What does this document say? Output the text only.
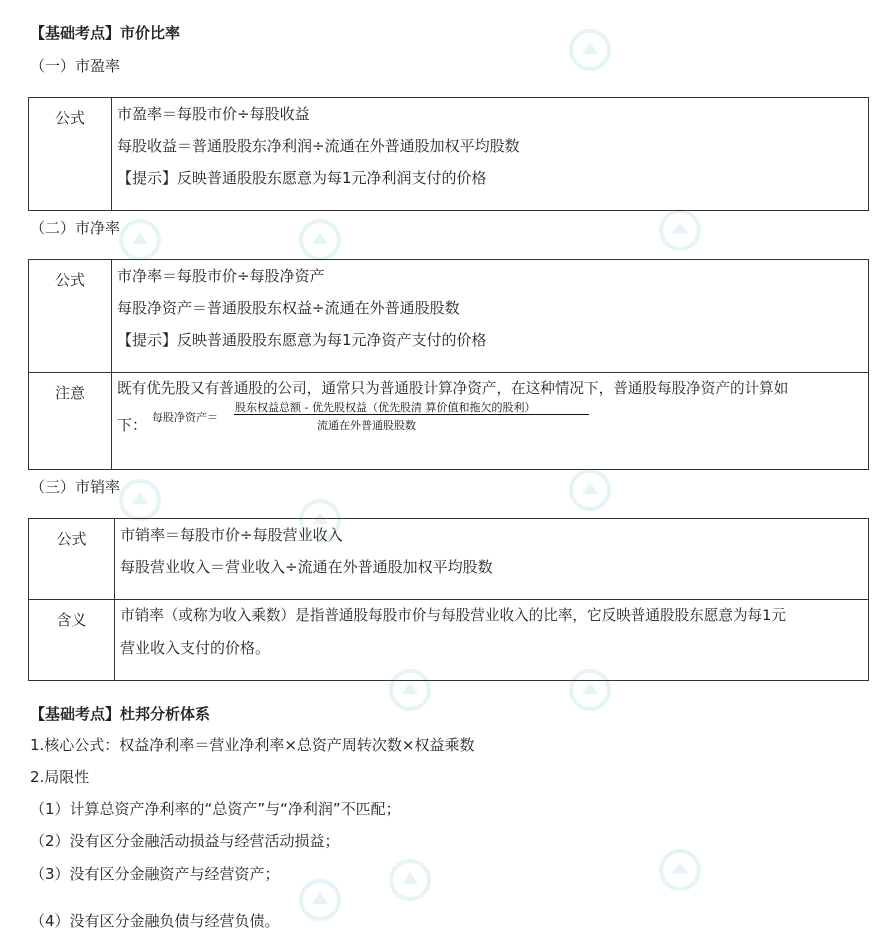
【基础考点】市价比率
（一）市盈率
公式	市盈率＝每股市价÷每股收益
每股收益＝普通股股东净利润÷流通在外普通股加权平均股数
【提示】反映普通股股东愿意为每1元净利润支付的价格
（二）市净率
公式	市净率＝每股市价÷每股净资产
每股净资产＝普通股股东权益÷流通在外普通股股数
【提示】反映普通股股东愿意为每1元净资产支付的价格

注意	既有优先股又有普通股的公司，通常只为普通股计算净资产，在这种情况下，普通股每股净资产的计算如
下： 每股净资产＝
股东权益总额 - 优先股权益（优先股清 算价值和拖欠的股利）
流通在外普通股股数
（三）市销率
公式	市销率＝每股市价÷每股营业收入
每股营业收入＝营业收入÷流通在外普通股加权平均股数

含义	市销率（或称为收入乘数）是指普通股每股市价与每股营业收入的比率，它反映普通股股东愿意为每1元
营业收入支付的价格。
【基础考点】杜邦分析体系
1.核心公式：权益净利率＝营业净利率×总资产周转次数×权益乘数
2.局限性
（1）计算总资产净利率的“总资产”与“净利润”不匹配；
（2）没有区分金融活动损益与经营活动损益；
（3）没有区分金融资产与经营资产；
（4）没有区分金融负债与经营负债。
